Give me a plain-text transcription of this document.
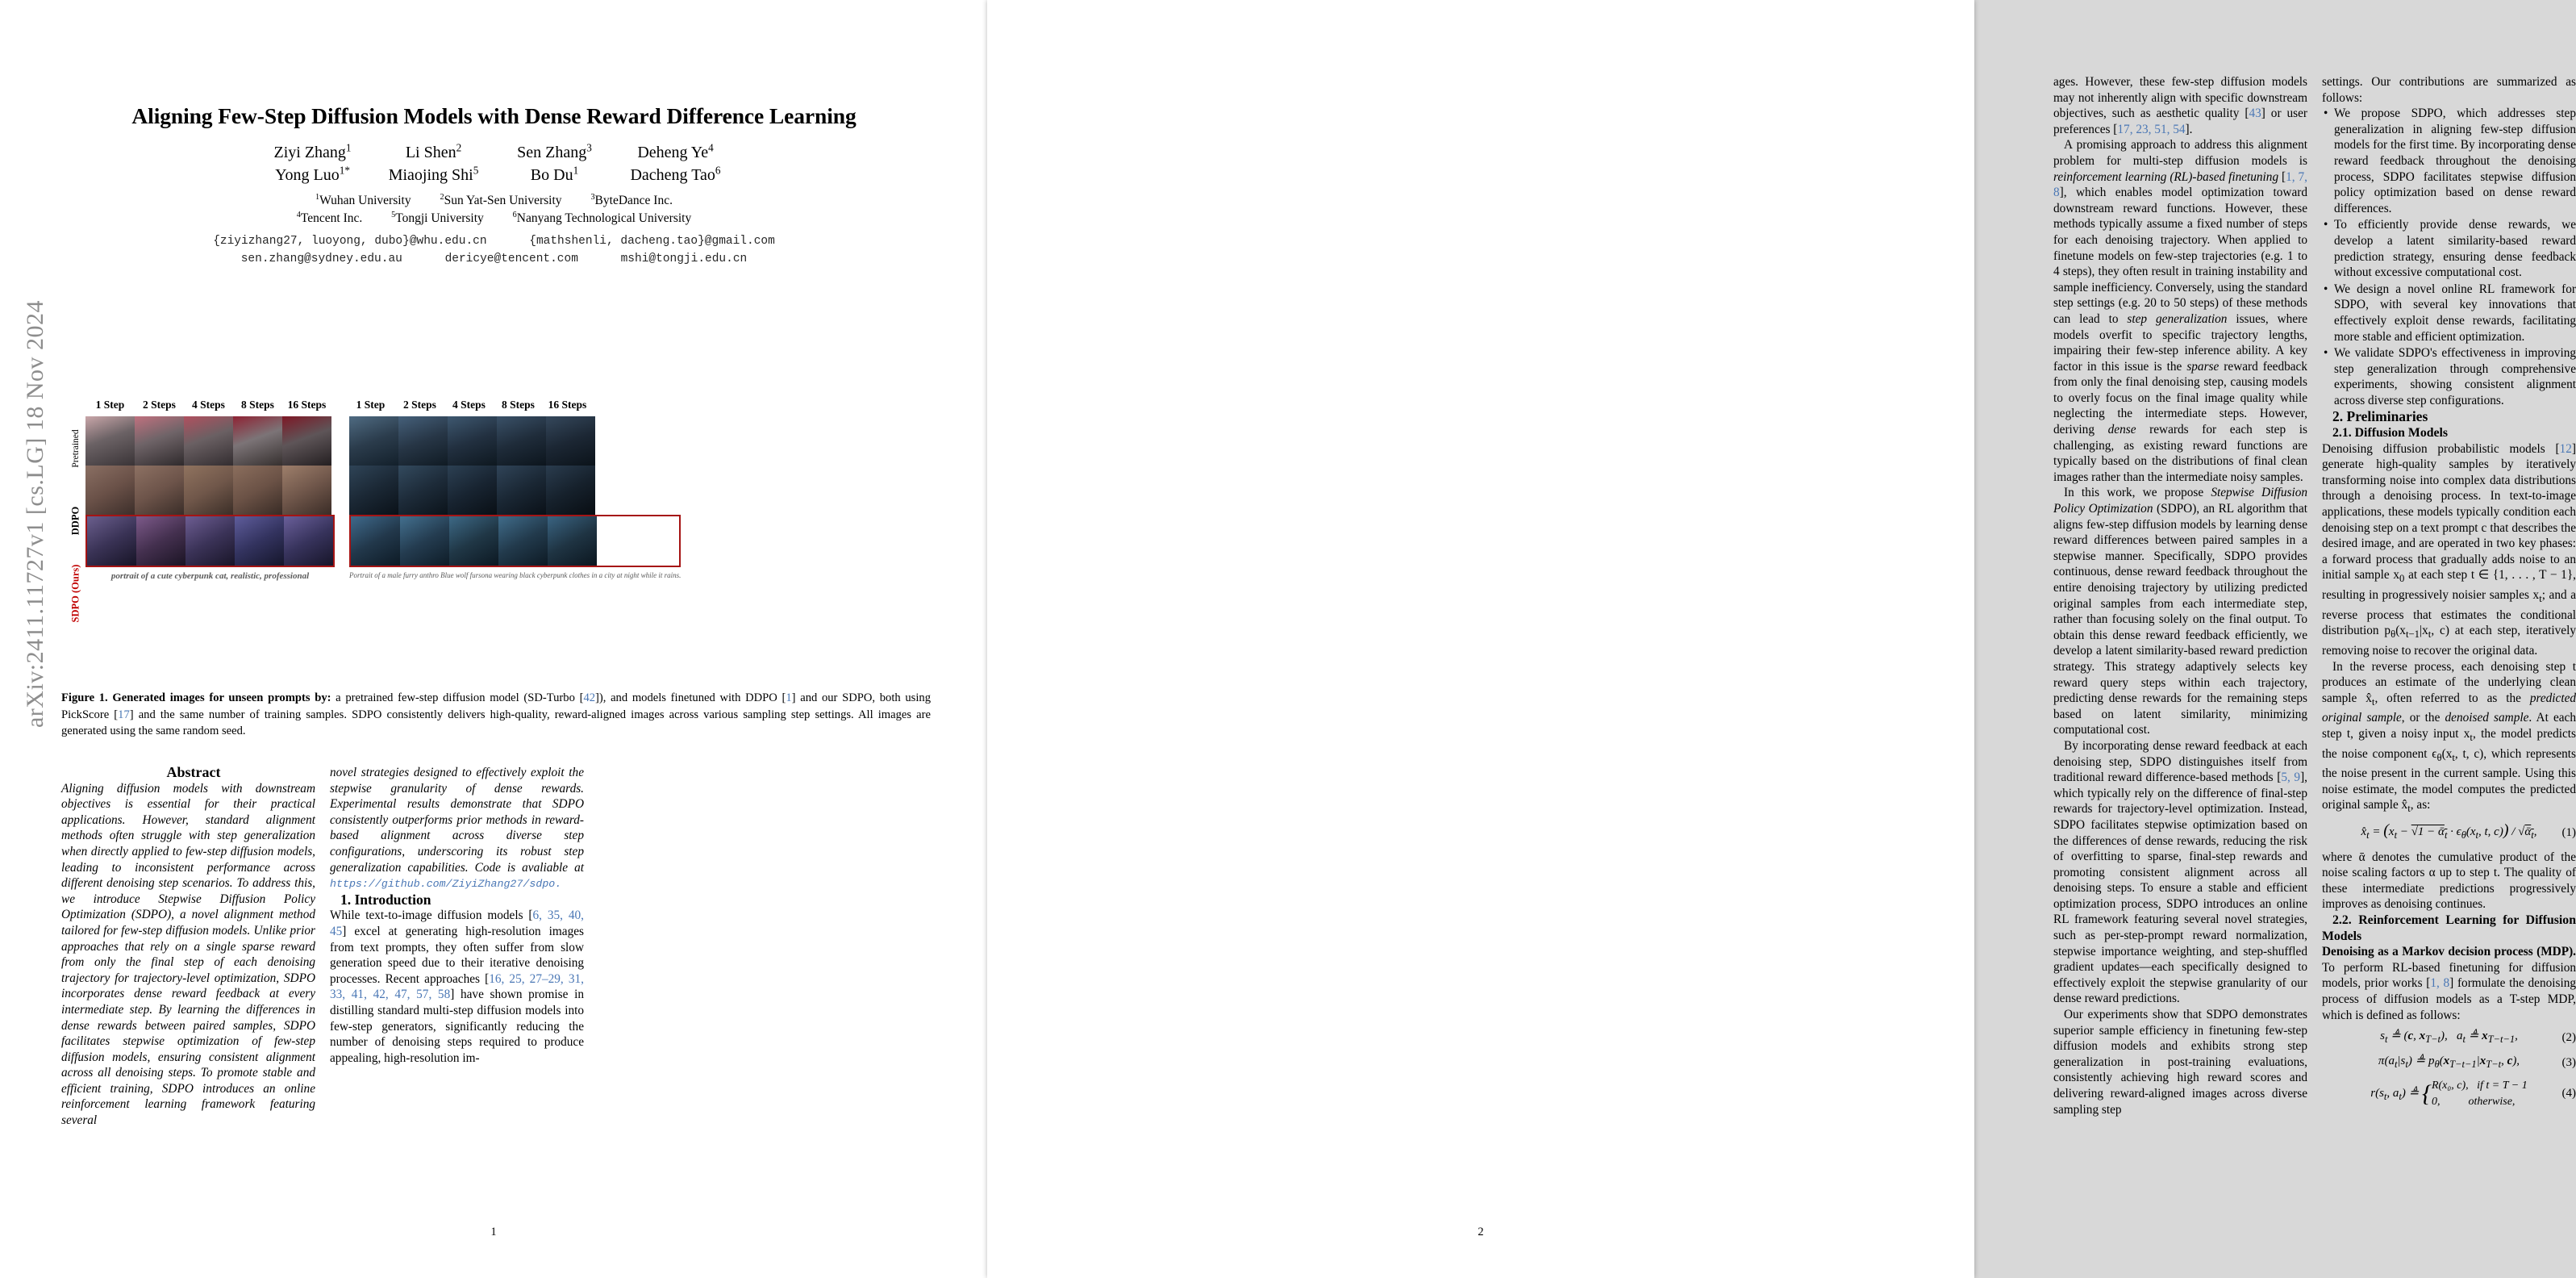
arXiv:2411.11727v1 [cs.LG] 18 Nov 2024
Aligning Few-Step Diffusion Models with Dense Reward Difference Learning
Ziyi Zhang$^1$	Li Shen$^2$	Sen Zhang$^3$	Deheng Ye$^4$
Yong Luo$^{1*}$	Miaojing Shi$^5$	Bo Du$^1$	Dacheng Tao$^6$
$^1$Wuhan University	$^2$Sun Yat-Sen University	$^3$ByteDance Inc.
$^4$Tencent Inc.	$^5$Tongji University	$^6$Nanyang Technological University
{ziyizhang27, luoyong, dubo}@whu.edu.cn	{mathshenli, dacheng.tao}@gmail.com
sen.zhang@sydney.edu.au	dericye@tencent.com	mshi@tongji.edu.cn
1 Step	2 Steps	4 Steps	8 Steps	16 Steps	1 Step	2 Steps	4 Steps	8 Steps	16 Steps
Pretrained
DDPO
SDPO (Ours)	portrait of a cute cyberpunk cat, realistic, professional	Portrait of a male furry anthro Blue wolf fursona wearing black cyberpunk clothes in a city at night while it rains.
Figure 1. Generated images for unseen prompts by: a pretrained few-step diffusion model (SD-Turbo [42]), and models finetuned with DDPO [1] and our SDPO, both using PickScore [17] and the same number of training samples. SDPO consistently delivers high-quality, reward-aligned images across various sampling step settings. All images are generated using the same random seed.

Abstract

Aligning diffusion models with downstream objectives is essential for their practical applications. However, standard alignment methods often struggle with step generalization when directly applied to few-step diffusion models, leading to inconsistent performance across different denoising step scenarios. To address this, we introduce Stepwise Diffusion Policy Optimization (SDPO), a novel alignment method tailored for few-step diffusion models. Unlike prior approaches that rely on a single sparse reward from only the final step of each denoising trajectory for trajectory-level optimization, SDPO incorporates dense reward feedback at every intermediate step. By learning the differences in dense rewards between paired samples, SDPO facilitates stepwise optimization of few-step diffusion models, ensuring consistent alignment across all denoising steps. To promote stable and efficient training, SDPO introduces an online reinforcement learning framework featuring several

novel strategies designed to effectively exploit the stepwise granularity of dense rewards. Experimental results demonstrate that SDPO consistently outperforms prior methods in reward-based alignment across diverse step configurations, underscoring its robust step generalization capabilities. Code is avaliable at https://github.com/ZiyiZhang27/sdpo.

1. Introduction

While text-to-image diffusion models [6, 35, 40, 45] excel at generating high-resolution images from text prompts, they often suffer from slow generation speed due to their iterative denoising processes. Recent approaches [16, 25, 27–29, 31, 33, 41, 42, 47, 57, 58] have shown promise in distilling standard multi-step diffusion models into few-step generators, significantly reducing the number of denoising steps required to produce appealing, high-resolution im-

1

ages. However, these few-step diffusion models may not inherently align with specific downstream objectives, such as aesthetic quality [43] or user preferences [17, 23, 51, 54].

A promising approach to address this alignment problem for multi-step diffusion models is reinforcement learning (RL)-based finetuning [1, 7, 8], which enables model optimization toward downstream reward functions. However, these methods typically assume a fixed number of steps for each denoising trajectory. When applied to finetune models on few-step trajectories (e.g. 1 to 4 steps), they often result in training instability and sample inefficiency. Conversely, using the standard step settings (e.g. 20 to 50 steps) of these methods can lead to step generalization issues, where models overfit to specific trajectory lengths, impairing their few-step inference ability. A key factor in this issue is the sparse reward feedback from only the final denoising step, causing models to overly focus on the final image quality while neglecting the intermediate steps. However, deriving dense rewards for each step is challenging, as existing reward functions are typically based on the distributions of final clean images rather than the intermediate noisy samples.

In this work, we propose Stepwise Diffusion Policy Optimization (SDPO), an RL algorithm that aligns few-step diffusion models by learning dense reward differences between paired samples in a stepwise manner. Specifically, SDPO provides continuous, dense reward feedback throughout the entire denoising trajectory by utilizing predicted original samples from each intermediate step, rather than focusing solely on the final output. To obtain this dense reward feedback efficiently, we develop a latent similarity-based reward prediction strategy. This strategy adaptively selects key reward query steps within each trajectory, predicting dense rewards for the remaining steps based on latent similarity, minimizing computational cost.

By incorporating dense reward feedback at each denoising step, SDPO distinguishes itself from traditional reward difference-based methods [5, 9], which typically rely on the difference of final-step rewards for trajectory-level optimization. Instead, SDPO facilitates stepwise optimization based on the differences of dense rewards, reducing the risk of overfitting to sparse, final-step rewards and promoting consistent alignment across all denoising steps. To ensure a stable and efficient optimization process, SDPO introduces an online RL framework featuring several novel strategies, such as per-step-prompt reward normalization, stepwise importance weighting, and step-shuffled gradient updates—each specifically designed to effectively exploit the stepwise granularity of our dense reward predictions.

Our experiments show that SDPO demonstrates superior sample efficiency in finetuning few-step diffusion models and exhibits strong step generalization in post-training evaluations, consistently achieving high reward scores and delivering reward-aligned images across diverse sampling step

settings. Our contributions are summarized as follows:

• We propose SDPO, which addresses step generalization in aligning few-step diffusion models for the first time. By incorporating dense reward feedback throughout the denoising process, SDPO facilitates stepwise diffusion policy optimization based on dense reward differences.
• To efficiently provide dense rewards, we develop a latent similarity-based reward prediction strategy, ensuring dense feedback without excessive computational cost.
• We design a novel online RL framework for SDPO, with several key innovations that effectively exploit dense rewards, facilitating more stable and efficient optimization.
• We validate SDPO's effectiveness in improving step generalization through comprehensive experiments, showing consistent alignment across diverse step configurations.

2. Preliminaries

2.1. Diffusion Models

Denoising diffusion probabilistic models [12] generate high-quality samples by iteratively transforming noise into complex data distributions through a denoising process. In text-to-image applications, these models typically condition each denoising step on a text prompt c that describes the desired image, and are operated in two key phases: a forward process that gradually adds noise to an initial sample $x_0$ at each step t ∈ {1, . . . , T − 1}, resulting in progressively noisier samples $x_t$; and a reverse process that estimates the conditional distribution $p_\theta(x_{t-1}|x_t$, c) at each step, iteratively removing noise to recover the original data.

In the reverse process, each denoising step t produces an estimate of the underlying clean sample $x̂_t$, often referred to as the predicted original sample, or the denoised sample. At each step t, given a noisy input $x_t$, the model predicts the noise component $\epsilon_\theta(x_t$, t, c), which represents the noise present in the current sample. Using this noise estimate, the model computes the predicted original sample $x̂_t$, as:

$x̂_t = (x_t - √1$ − ᾱ$_t$ · $\epsilon_\theta(x_t$, t, c)) / √ᾱ$_t$, (1)

where ᾱ denotes the cumulative product of the noise scaling factors α up to step t. The quality of these intermediate predictions progressively improves as denoising continues.

2.2. Reinforcement Learning for Diffusion Models

Denoising as a Markov decision process (MDP). To perform RL-based finetuning for diffusion models, prior works [1, 8] formulate the denoising process of diffusion models as a T-step MDP, which is defined as follows:

$s_t$ ≜ (c, $x_{T-t}$),   $a_t$ ≜ $x_{T-t-1}$,	(2)
$\pi(a_t|s_t)$ ≜ $p_\theta(x_{T-t-1}|x_{T-t}$, c),	(3)
$r(s_t$, $a_t$) ≜ { R(x₀, c), if t = T − 1
0,	otherwise,
(4)
2
